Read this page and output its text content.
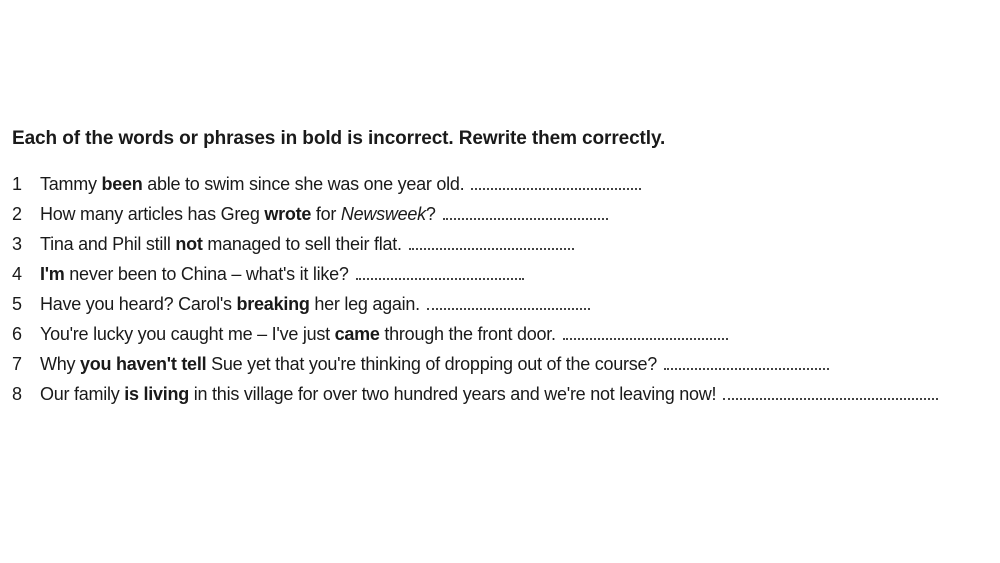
Each of the words or phrases in bold is incorrect. Rewrite them correctly.

1	Tammy been able to swim since she was one year old.
2	How many articles has Greg wrote for Newsweek?
3	Tina and Phil still not managed to sell their flat.
4	I'm never been to China – what's it like?
5	Have you heard? Carol's breaking her leg again.
6	You're lucky you caught me – I've just came through the front door.
7	Why you haven't tell Sue yet that you're thinking of dropping out of the course?
8	Our family is living in this village for over two hundred years and we're not leaving now!
